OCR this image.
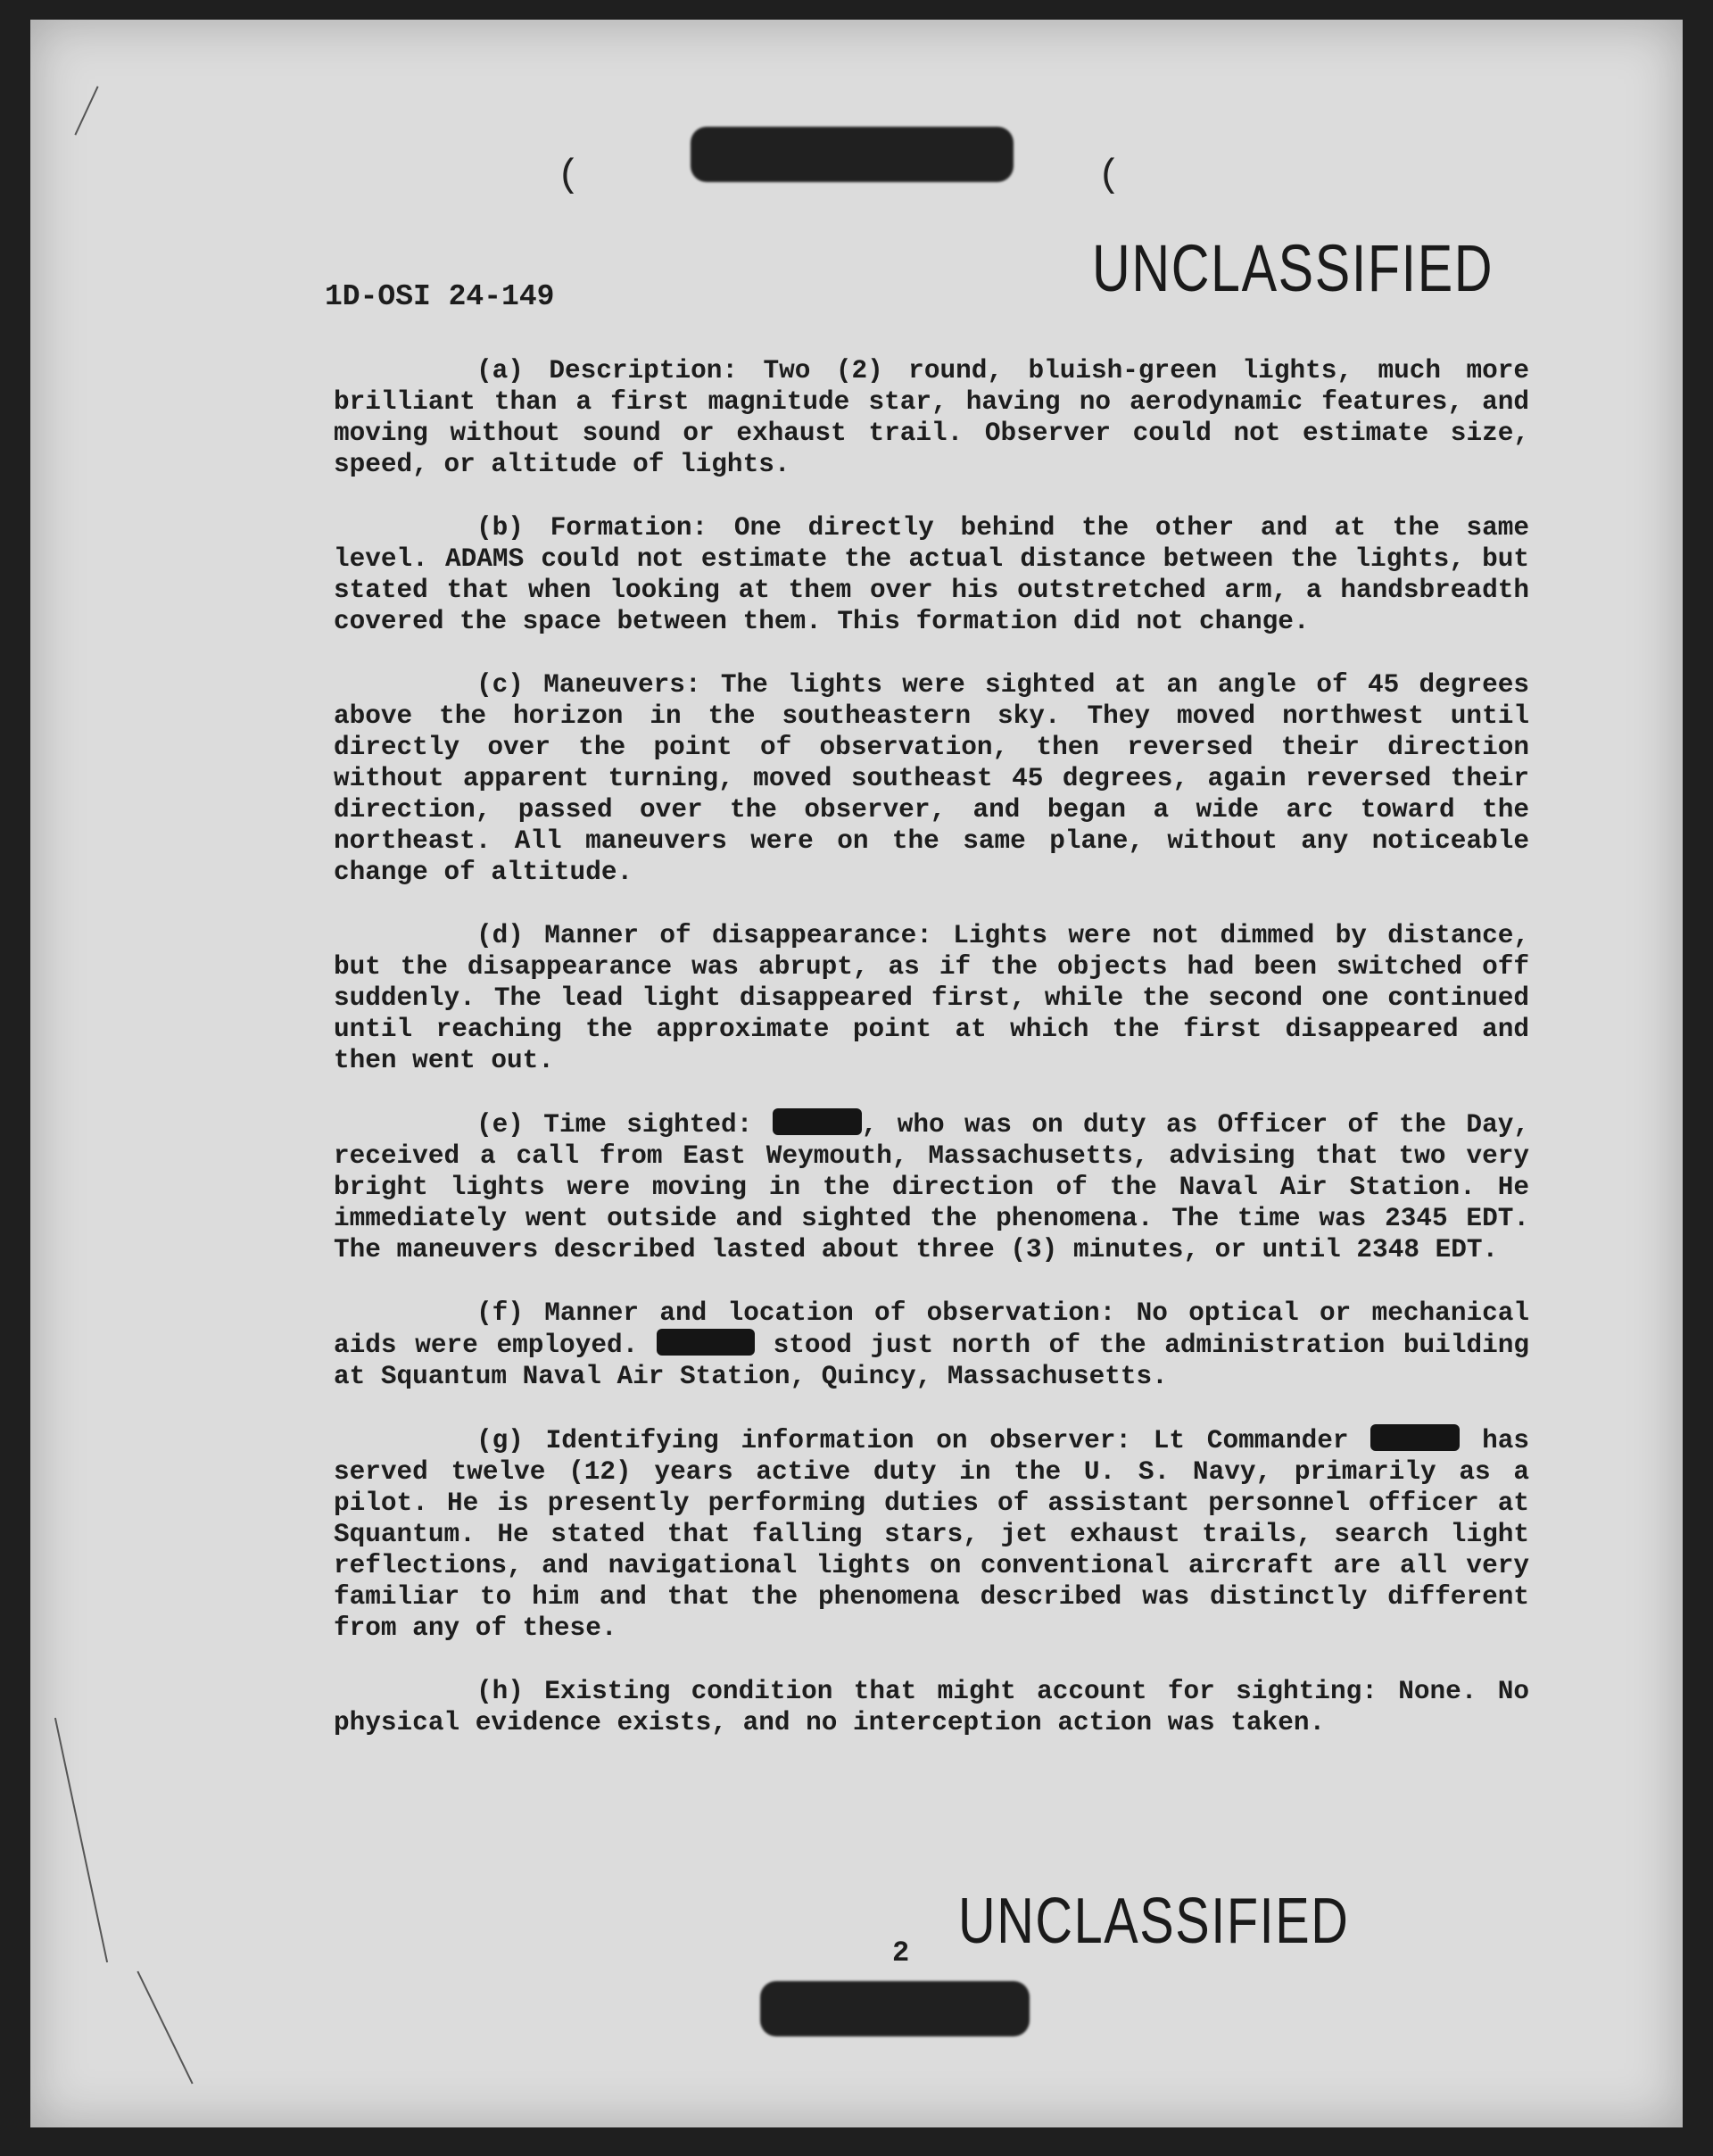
(	(
UNCLASSIFIED
1D-OSI 24-149

(a) Description: Two (2) round, bluish-green lights, much more brilliant than a first magnitude star, having no aerodynamic features, and moving without sound or exhaust trail. Observer could not estimate size, speed, or altitude of lights.

(b) Formation: One directly behind the other and at the same level. ADAMS could not estimate the actual distance between the lights, but stated that when looking at them over his outstretched arm, a handsbreadth covered the space between them. This formation did not change.

(c) Maneuvers: The lights were sighted at an angle of 45 degrees above the horizon in the southeastern sky. They moved northwest until directly over the point of observation, then reversed their direction without apparent turning, moved southeast 45 degrees, again reversed their direction, passed over the observer, and began a wide arc toward the northeast. All maneuvers were on the same plane, without any noticeable change of altitude.

(d) Manner of disappearance: Lights were not dimmed by distance, but the disappearance was abrupt, as if the objects had been switched off suddenly. The lead light disappeared first, while the second one continued until reaching the approximate point at which the first disappeared and then went out.

(e) Time sighted:	, who was on duty as Officer of the Day, received a call from East Weymouth, Massachusetts, advising that two very bright lights were moving in the direction of the Naval Air Station. He immediately went outside and sighted the phenomena. The time was 2345 EDT. The maneuvers described lasted about three (3) minutes, or until 2348 EDT.

(f) Manner and location of observation: No optical or mechanical aids were employed.	stood just north of the administration building at Squantum Naval Air Station, Quincy, Massachusetts.

(g) Identifying information on observer: Lt Commander	has served twelve (12) years active duty in the U. S. Navy, primarily as a pilot. He is presently performing duties of assistant personnel officer at Squantum. He stated that falling stars, jet exhaust trails, search light reflections, and navigational lights on conventional aircraft are all very familiar to him and that the phenomena described was distinctly different from any of these.

(h) Existing condition that might account for sighting: None. No physical evidence exists, and no interception action was taken.

UNCLASSIFIED
2
